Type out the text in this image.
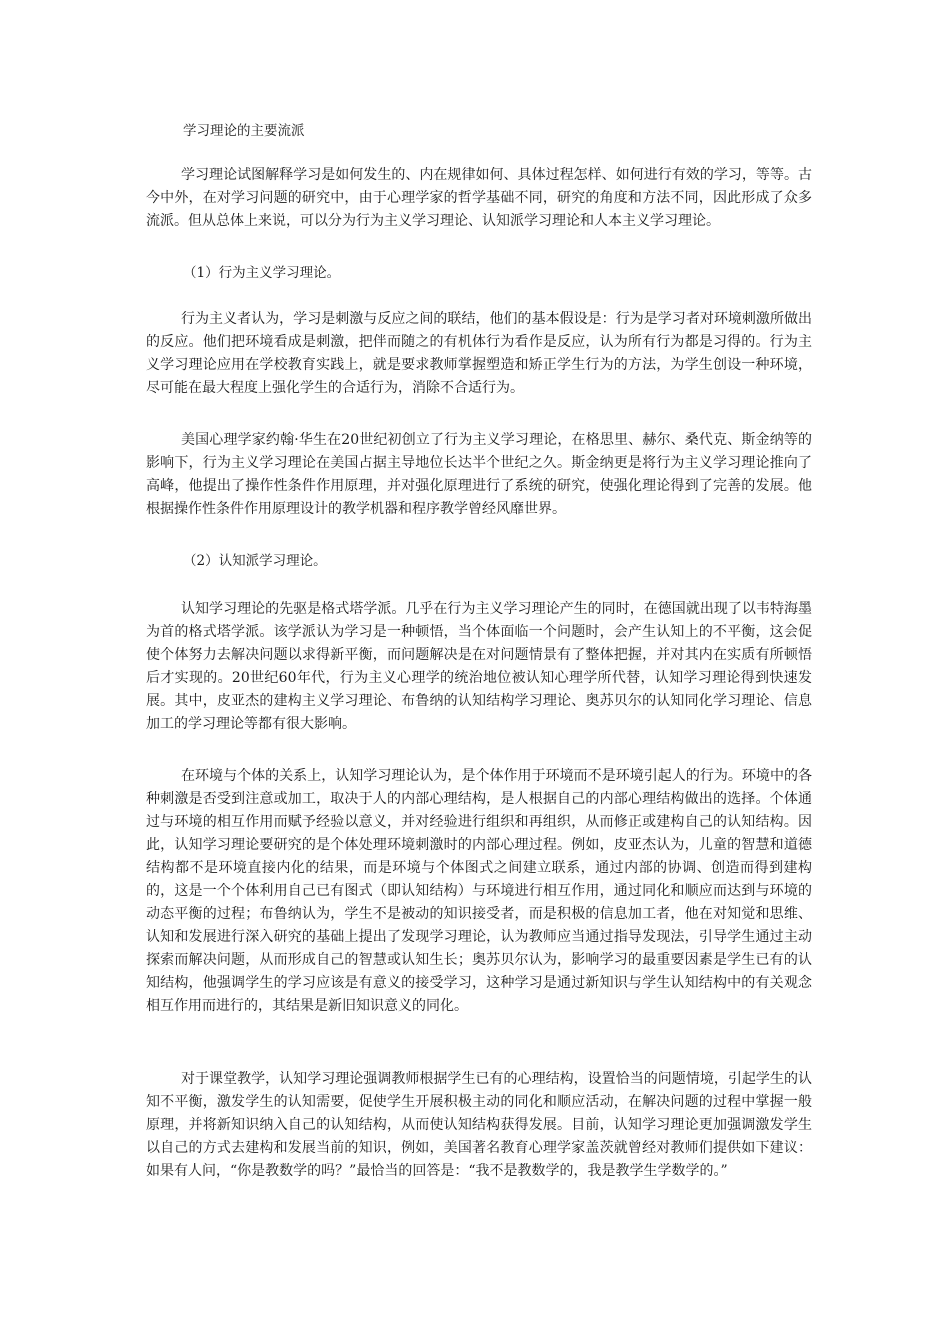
学习理论的主要流派

学习理论试图解释学习是如何发生的、内在规律如何、具体过程怎样、如何进行有效的学习，等等。古今中外，在对学习问题的研究中，由于心理学家的哲学基础不同，研究的角度和方法不同，因此形成了众多流派。但从总体上来说，可以分为行为主义学习理论、认知派学习理论和人本主义学习理论。

（1）行为主义学习理论。

行为主义者认为，学习是刺激与反应之间的联结，他们的基本假设是：行为是学习者对环境刺激所做出的反应。他们把环境看成是刺激，把伴而随之的有机体行为看作是反应，认为所有行为都是习得的。行为主义学习理论应用在学校教育实践上，就是要求教师掌握塑造和矫正学生行为的方法，为学生创设一种环境，尽可能在最大程度上强化学生的合适行为，消除不合适行为。

美国心理学家约翰·华生在20世纪初创立了行为主义学习理论，在格思里、赫尔、桑代克、斯金纳等的影响下，行为主义学习理论在美国占据主导地位长达半个世纪之久。斯金纳更是将行为主义学习理论推向了高峰，他提出了操作性条件作用原理，并对强化原理进行了系统的研究，使强化理论得到了完善的发展。他根据操作性条件作用原理设计的教学机器和程序教学曾经风靡世界。

（2）认知派学习理论。

认知学习理论的先驱是格式塔学派。几乎在行为主义学习理论产生的同时，在德国就出现了以韦特海墨为首的格式塔学派。该学派认为学习是一种顿悟，当个体面临一个问题时，会产生认知上的不平衡，这会促使个体努力去解决问题以求得新平衡，而问题解决是在对问题情景有了整体把握，并对其内在实质有所顿悟后才实现的。20世纪60年代，行为主义心理学的统治地位被认知心理学所代替，认知学习理论得到快速发展。其中，皮亚杰的建构主义学习理论、布鲁纳的认知结构学习理论、奥苏贝尔的认知同化学习理论、信息加工的学习理论等都有很大影响。

在环境与个体的关系上，认知学习理论认为，是个体作用于环境而不是环境引起人的行为。环境中的各种刺激是否受到注意或加工，取决于人的内部心理结构，是人根据自己的内部心理结构做出的选择。个体通过与环境的相互作用而赋予经验以意义，并对经验进行组织和再组织，从而修正或建构自己的认知结构。因此，认知学习理论要研究的是个体处理环境刺激时的内部心理过程。例如，皮亚杰认为，儿童的智慧和道德结构都不是环境直接内化的结果，而是环境与个体图式之间建立联系，通过内部的协调、创造而得到建构的，这是一个个体利用自己已有图式（即认知结构）与环境进行相互作用，通过同化和顺应而达到与环境的动态平衡的过程；布鲁纳认为，学生不是被动的知识接受者，而是积极的信息加工者，他在对知觉和思维、认知和发展进行深入研究的基础上提出了发现学习理论，认为教师应当通过指导发现法，引导学生通过主动探索而解决问题，从而形成自己的智慧或认知生长；奥苏贝尔认为，影响学习的最重要因素是学生已有的认知结构，他强调学生的学习应该是有意义的接受学习，这种学习是通过新知识与学生认知结构中的有关观念相互作用而进行的，其结果是新旧知识意义的同化。

对于课堂教学，认知学习理论强调教师根据学生已有的心理结构，设置恰当的问题情境，引起学生的认知不平衡，激发学生的认知需要，促使学生开展积极主动的同化和顺应活动，在解决问题的过程中掌握一般原理，并将新知识纳入自己的认知结构，从而使认知结构获得发展。目前，认知学习理论更加强调激发学生以自己的方式去建构和发展当前的知识，例如，美国著名教育心理学家盖茨就曾经对教师们提供如下建议：如果有人问，“你是教数学的吗？”最恰当的回答是：“我不是教数学的，我是教学生学数学的。”
